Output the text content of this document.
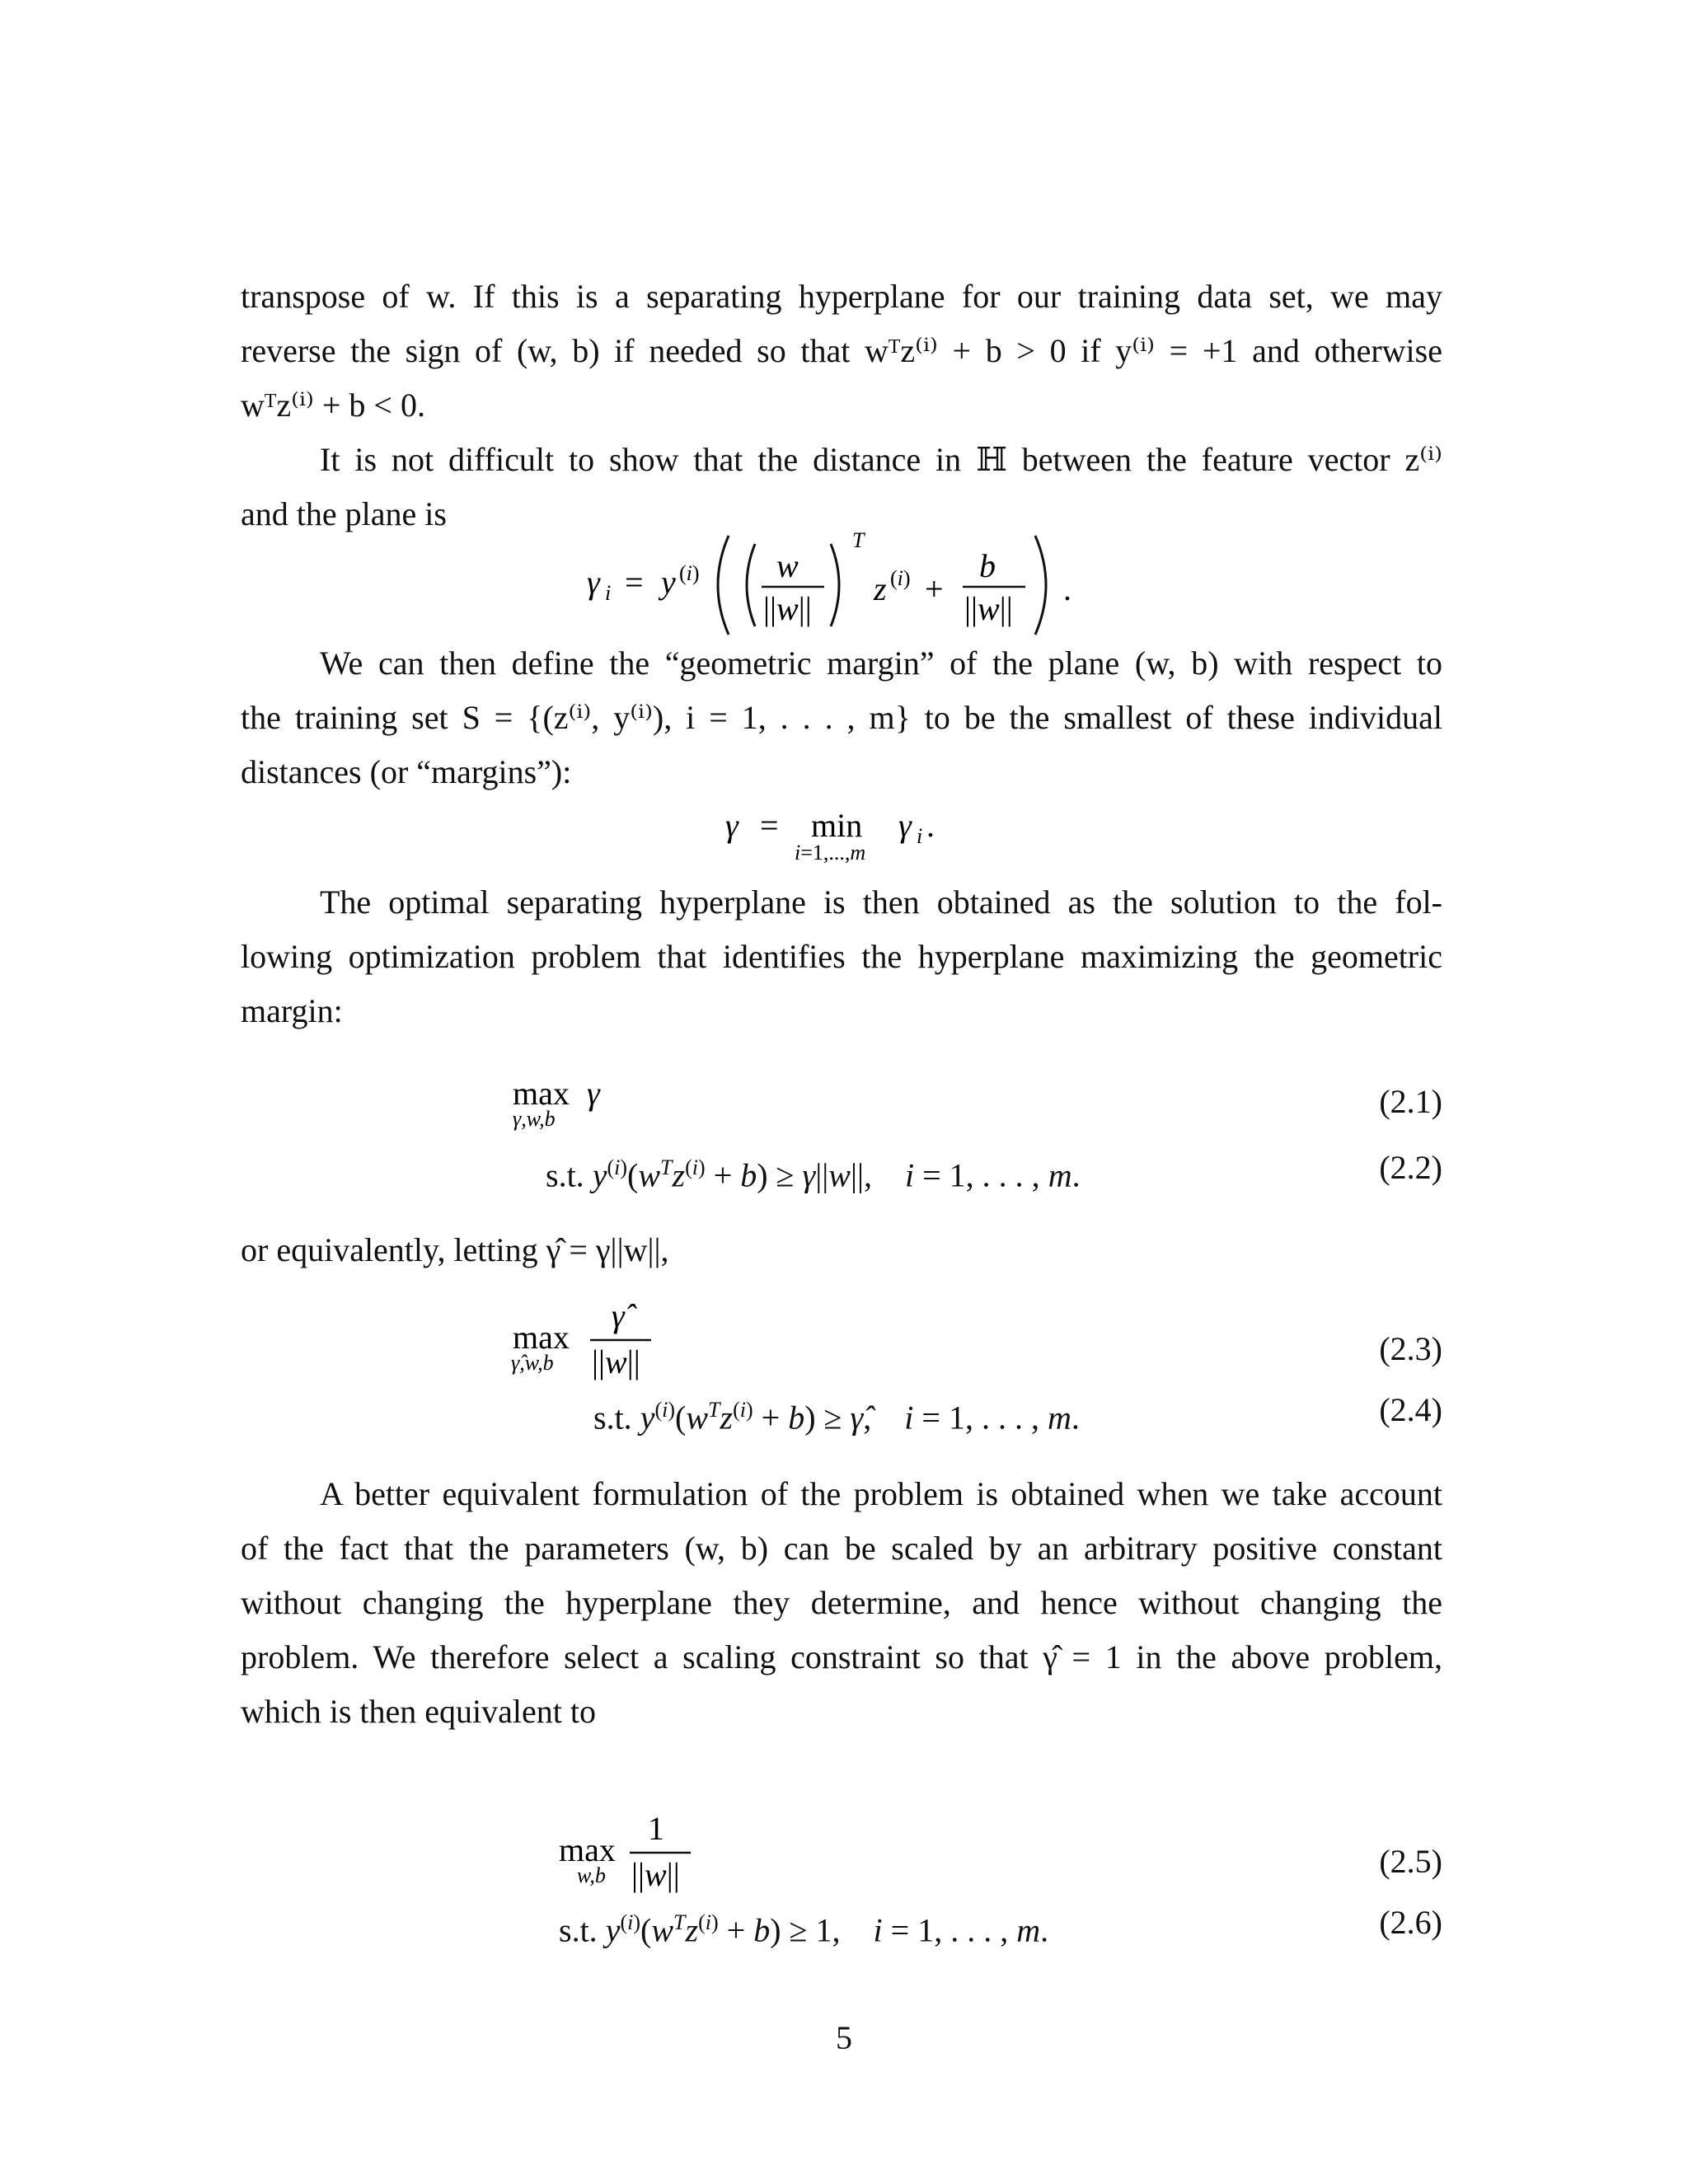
transpose of w. If this is a separating hyperplane for our training data set, we may
reverse the sign of (w, b) if needed so that wᵀz⁽ⁱ⁾ + b > 0 if y⁽ⁱ⁾ = +1 and otherwise
wᵀz⁽ⁱ⁾ + b < 0.
It is not difficult to show that the distance in ℍ between the feature vector z⁽ⁱ⁾
and the plane is
γ i = y (i) w
||w||
T
z (i) +
b
||w||
.
We can then define the “geometric margin” of the plane (w, b) with respect to
the training set S = {(z⁽ⁱ⁾, y⁽ⁱ⁾), i = 1, . . . , m} to be the smallest of these individual
distances (or “margins”):
γ = min
i=1,...,m
γ i .
The optimal separating hyperplane is then obtained as the solution to the fol-
lowing optimization problem that identifies the hyperplane maximizing the geometric
margin:
max
γ,w,b
γ	(2.1)
s.t. $y^{(i)}(w^Tz^{(i)} + b) \ge \gamma||w||$,    i = 1, . . . , m.	(2.2)
or equivalently, letting γ̂ = γ||w||,
max
γ̂,w,b
γ̂
||w||	(2.3)
s.t. $y^{(i)}(w^Tz^{(i)} + b)$ ≥ γ̂,    i = 1, . . . , m.	(2.4)
A better equivalent formulation of the problem is obtained when we take account
of the fact that the parameters (w, b) can be scaled by an arbitrary positive constant
without changing the hyperplane they determine, and hence without changing the
problem. We therefore select a scaling constraint so that γ̂ = 1 in the above problem,
which is then equivalent to
max
w,b
1
||w||	(2.5)
s.t. $y^{(i)}(w^Tz^{(i)} + b) \ge 1$,    i = 1, . . . , m.	(2.6)
5
